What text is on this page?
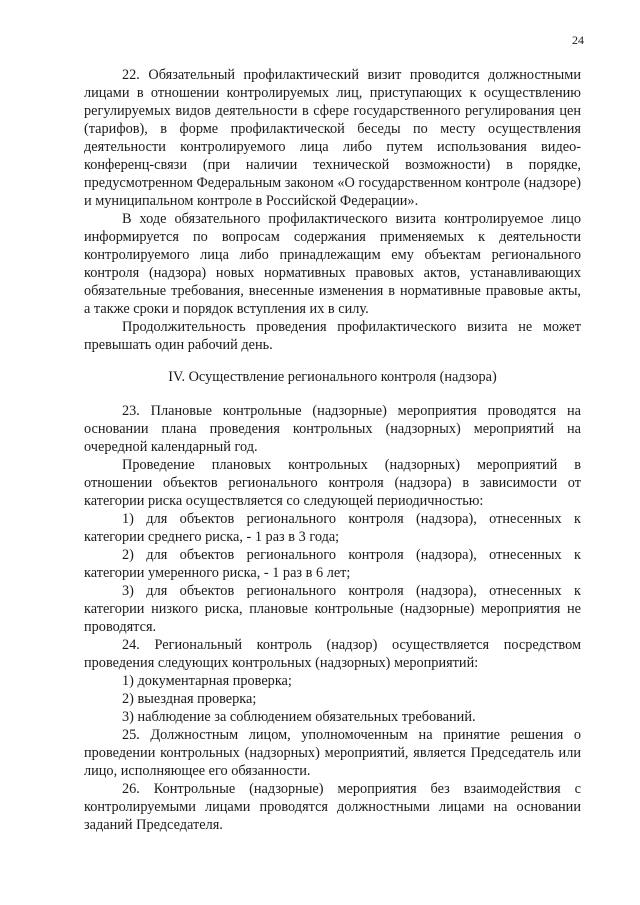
24

22. Обязательный профилактический визит проводится должностными лицами в отношении контролируемых лиц, приступающих к осуществлению регулируемых видов деятельности в сфере государственного регулирования цен (тарифов), в форме профилактической беседы по месту осуществления деятельности контролируемого лица либо путем использования видео-конференц-связи (при наличии технической возможности) в порядке, предусмотренном Федеральным законом «О государственном контроле (надзоре) и муниципальном контроле в Российской Федерации».

В ходе обязательного профилактического визита контролируемое лицо информируется по вопросам содержания применяемых к деятельности контролируемого лица либо принадлежащим ему объектам регионального контроля (надзора) новых нормативных правовых актов, устанавливающих обязательные требования, внесенные изменения в нормативные правовые акты, а также сроки и порядок вступления их в силу.

Продолжительность проведения профилактического визита не может превышать один рабочий день.

IV. Осуществление регионального контроля (надзора)

23. Плановые контрольные (надзорные) мероприятия проводятся на основании плана проведения контрольных (надзорных) мероприятий на очередной календарный год.

Проведение плановых контрольных (надзорных) мероприятий в отношении объектов регионального контроля (надзора) в зависимости от категории риска осуществляется со следующей периодичностью:

1) для объектов регионального контроля (надзора), отнесенных к категории среднего риска, - 1 раз в 3 года;

2) для объектов регионального контроля (надзора), отнесенных к категории умеренного риска, - 1 раз в 6 лет;

3) для объектов регионального контроля (надзора), отнесенных к категории низкого риска, плановые контрольные (надзорные) мероприятия не проводятся.

24. Региональный контроль (надзор) осуществляется посредством проведения следующих контрольных (надзорных) мероприятий:

1) документарная проверка;

2) выездная проверка;

3) наблюдение за соблюдением обязательных требований.

25. Должностным лицом, уполномоченным на принятие решения о проведении контрольных (надзорных) мероприятий, является Председатель или лицо, исполняющее его обязанности.

26. Контрольные (надзорные) мероприятия без взаимодействия с контролируемыми лицами проводятся должностными лицами на основании заданий Председателя.
